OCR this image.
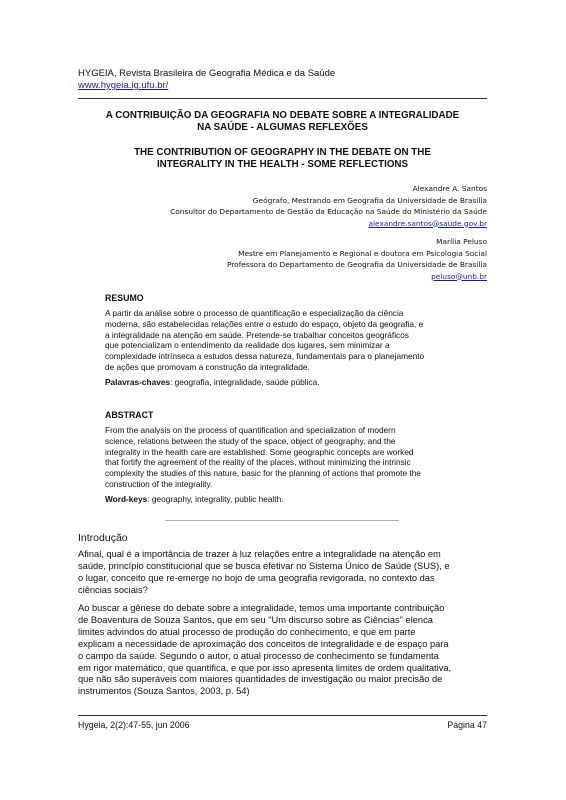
HYGEIA, Revista Brasileira de Geografia Médica e da Saúde
www.hygeia.ig.ufu.br/
A CONTRIBUIÇÃO DA GEOGRAFIA NO DEBATE SOBRE A INTEGRALIDADE
NA SAÚDE - ALGUMAS REFLEXÕES
THE CONTRIBUTION OF GEOGRAPHY IN THE DEBATE ON THE
INTEGRALITY IN THE HEALTH - SOME REFLECTIONS
Alexandre A. Santos
Geógrafo, Mestrando em Geografia da Universidade de Brasília
Consultor do Departamento de Gestão da Educação na Saúde do Ministério da Saúde
alexandre.santos@saude.gov.br
Marília Peluso
Mestre em Planejamento e Regional e doutora em Psicologia Social
Professora do Departamento de Geografia da Universidade de Brasília
peluso@unb.br
RESUMO
A partir da análise sobre o processo de quantificação e especialização da ciência
moderna, são estabelecidas relações entre o estudo do espaço, objeto da geografia, e
a integralidade na atenção em saúde. Pretende-se trabalhar conceitos geográficos
que potencializam o entendimento da realidade dos lugares, sem minimizar a
complexidade intrínseca a estudos dessa natureza, fundamentais para o planejamento
de ações que promovam a construção da integralidade.
Palavras-chaves: geografia, integralidade, saúde pública.
ABSTRACT
From the analysis on the process of quantification and specialization of modern
science, relations between the study of the space, object of geography, and the
integrality in the health care are established. Some geographic concepts are worked
that fortify the agreement of the reality of the places, without minimizing the intrinsic
complexity the studies of this nature, basic for the planning of actions that promote the
construction of the integrality.
Word-keys: geography, integrality, public health.
Introdução
Afinal, qual é a importância de trazer à luz relações entre a integralidade na atenção em
saúde, princípio constitucional que se busca efetivar no Sistema Único de Saúde (SUS), e
o lugar, conceito que re-emerge no bojo de uma geografia revigorada, no contexto das
ciências sociais?
Ao buscar a gênese do debate sobre a integralidade, temos uma importante contribuição
de Boaventura de Souza Santos, que em seu "Um discurso sobre as Ciências" elenca
limites advindos do atual processo de produção do conhecimento, e que em parte
explicam a necessidade de aproximação dos conceitos de integralidade e de espaço para
o campo da saúde. Segundo o autor, o atual processo de conhecimento se fundamenta
em rigor matemático, que quantifica, e que por isso apresenta limites de ordem qualitativa,
que não são superáveis com maiores quantidades de investigação ou maior precisão de
instrumentos (Souza Santos, 2003, p. 54)
Hygeia, 2(2):47-55, jun 2006	Página 47
